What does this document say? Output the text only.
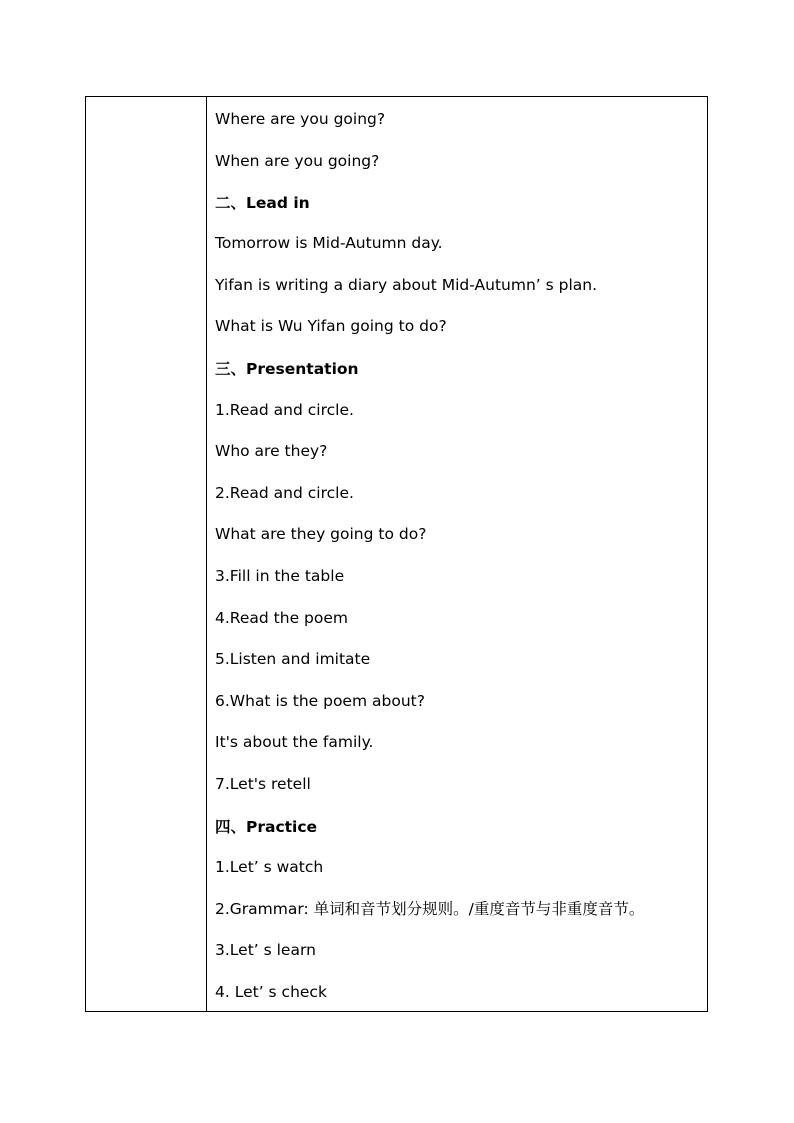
Where are you going?
When are you going?
二、Lead in
Tomorrow is Mid-Autumn day.
Yifan is writing a diary about Mid-Autumn’ s plan.
What is Wu Yifan going to do?
三、Presentation
1.Read and circle.
Who are they?
2.Read and circle.
What are they going to do?
3.Fill in the table
4.Read the poem
5.Listen and imitate
6.What is the poem about?
It's about the family.
7.Let's retell
四、Practice
1.Let’ s watch
2.Grammar: 单词和音节划分规则。/重度音节与非重度音节。
3.Let’ s learn
4. Let’ s check
